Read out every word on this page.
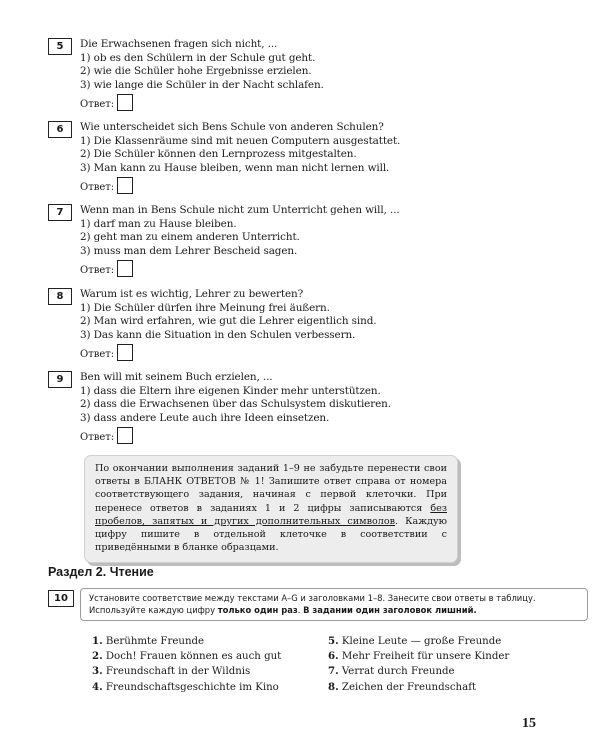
5	Die Erwachsenen fragen sich nicht, ...
1) ob es den Schülern in der Schule gut geht.
2) wie die Schüler hohe Ergebnisse erzielen.
3) wie lange die Schüler in der Nacht schlafen.
Ответ:
6	Wie unterscheidet sich Bens Schule von anderen Schulen?
1) Die Klassenräume sind mit neuen Computern ausgestattet.
2) Die Schüler können den Lernprozess mitgestalten.
3) Man kann zu Hause bleiben, wenn man nicht lernen will.
Ответ:
7	Wenn man in Bens Schule nicht zum Unterricht gehen will, ...
1) darf man zu Hause bleiben.
2) geht man zu einem anderen Unterricht.
3) muss man dem Lehrer Bescheid sagen.
Ответ:
8	Warum ist es wichtig, Lehrer zu bewerten?
1) Die Schüler dürfen ihre Meinung frei äußern.
2) Man wird erfahren, wie gut die Lehrer eigentlich sind.
3) Das kann die Situation in den Schulen verbessern.
Ответ:
9	Ben will mit seinem Buch erzielen, ...
1) dass die Eltern ihre eigenen Kinder mehr unterstützen.
2) dass die Erwachsenen über das Schulsystem diskutieren.
3) dass andere Leute auch ihre Ideen einsetzen.
Ответ:
По окончании выполнения заданий 1–9 не забудьте перенести свои ответы в БЛАНК ОТВЕТОВ № 1! Запишите ответ справа от номера соответствующего задания, начиная с первой клеточки. При перенесе ответов в заданиях 1 и 2 цифры записываются без пробелов, запятых и других дополнительных символов. Каждую цифру пишите в отдельной клеточке в соответствии с приведёнными в бланке образцами.
Раздел 2. Чтение
10	Установите соответствие между текстами A–G и заголовками 1–8. Занесите свои ответы в таблицу. Используйте каждую цифру только один раз. В задании один заголовок лишний.
1. Berühmte Freunde
2. Doch! Frauen können es auch gut
3. Freundschaft in der Wildnis
4. Freundschaftsgeschichte im Kino
5. Kleine Leute — große Freunde
6. Mehr Freiheit für unsere Kinder
7. Verrat durch Freunde
8. Zeichen der Freundschaft
15
